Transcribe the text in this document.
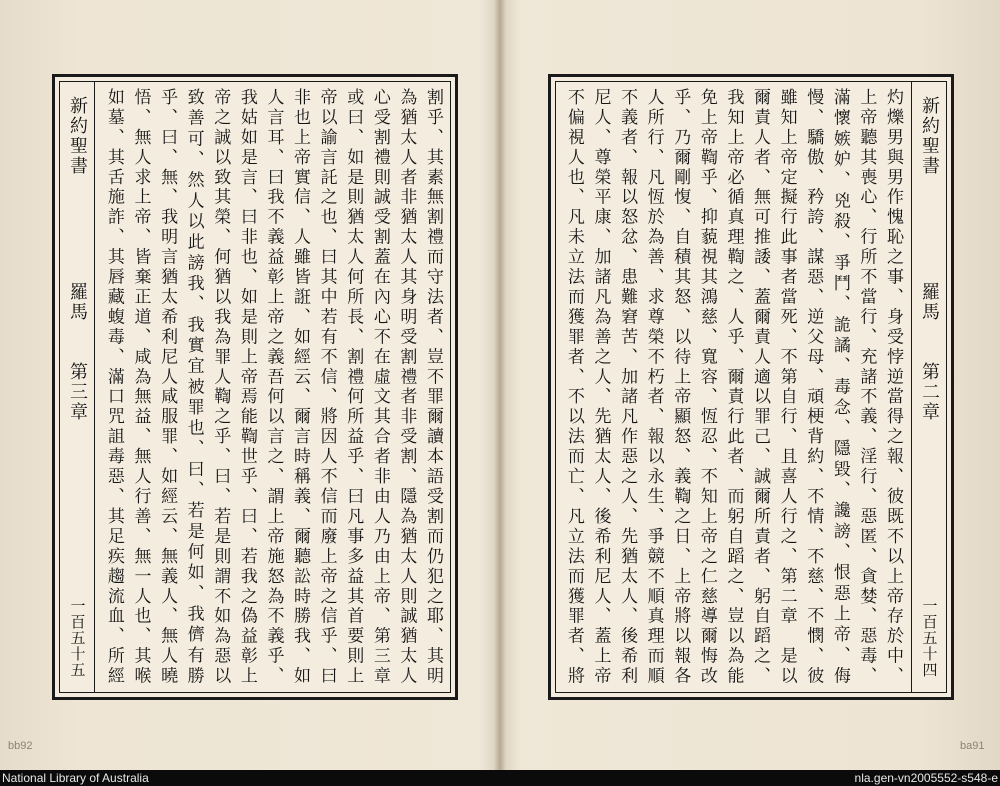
新約聖書
羅馬
第三章
一百五十五	割乎、其素無割禮而守法者、豈不罪爾讀本語受割而仍犯之耶、其明為猶太人者非猶太人其身明受割禮者非受割、隱為猶太人則誠猶太人心受割禮則誠受割蓋在內心不在虛文其合者非由人乃由上帝、第三章　或曰、如是則猶太人何所長、割禮何所益乎、曰凡事多益其首要則上帝以諭言託之也、曰其中若有不信、將因人不信而廢上帝之信乎、曰非也上帝實信、人雖皆誑、如經云、爾言時稱義、爾聽訟時勝我、如人言耳、曰我不義益彰上帝之義吾何以言之、謂上帝施怒為不義乎、我姑如是言、曰非也、如是則上帝焉能鞫世乎、曰、若我之偽益彰上帝之誠以致其榮、何猶以我為罪人鞫之乎、曰、若是則謂不如為惡以致善可、然人以此謗我、我實宜被罪也、曰、若是何如、我儕有勝乎、曰、無、我明言猶太希利尼人咸服罪、如經云、無義人、無人曉悟、無人求上帝、皆棄正道、咸為無益、無人行善、無一人也、其喉如墓、其舌施詐、其唇藏蝮毒、滿口咒詛毒惡、其足疾趨流血、所經
新約聖書
羅馬
第二章
一百五十四
灼爍男與男作愧恥之事、身受悖逆當得之報、彼既不以上帝存於中、上帝聽其喪心、行所不當行、充諸不義、淫行、惡匿、貪婪、惡毒、滿懷嫉妒、兇殺、爭鬥、詭譎、毒念、隱毀、讒謗、恨惡上帝、侮慢、驕傲、矜誇、謀惡、逆父母、頑梗背約、不情、不慈、不憫、彼雖知上帝定擬行此事者當死、不第自行、且喜人行之、第二章　是以爾責人者、無可推諉、蓋爾責人適以罪己、誠爾所責者、躬自蹈之、我知上帝必循真理鞫之、人乎、爾責行此者、而躬自蹈之、豈以為能免上帝鞫乎、抑藐視其鴻慈、寬容、恆忍、不知上帝之仁慈導爾悔改乎、乃爾剛愎、自積其怒、以待上帝顯怒、義鞫之日、上帝將以報各人所行、凡恆於為善、求尊榮不朽者、報以永生、爭競不順真理而順不義者、報以怒忿、患難窘苦、加諸凡作惡之人、先猶太人、後希利尼人、尊榮平康、加諸凡為善之人、先猶太人、後希利尼人、蓋上帝不偏視人也、凡未立法而獲罪者、不以法而亡、凡立法而獲罪者、將
bb92	ba91
National Library of Australia	nla.gen-vn2005552-s548-e
